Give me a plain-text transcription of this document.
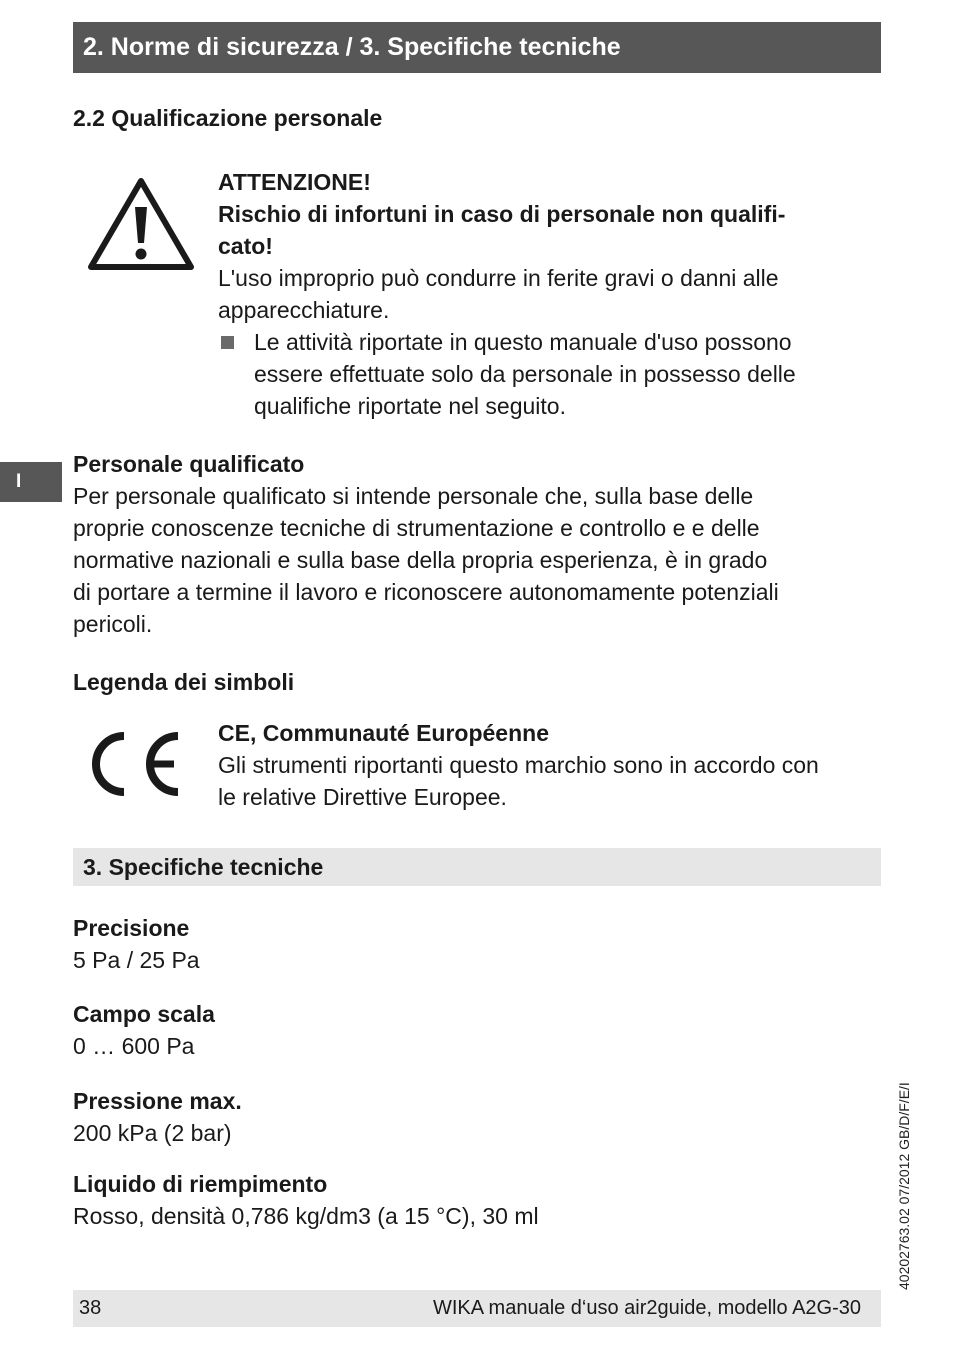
2. Norme di sicurezza / 3. Specifiche tecniche
2.2 Qualificazione personale
ATTENZIONE!
Rischio di infortuni in caso di personale non qualifi-
cato!
L'uso improprio può condurre in ferite gravi o danni alle
apparecchiature.
Le attività riportate in questo manuale d'uso possono
essere effettuate solo da personale in possesso delle
qualifiche riportate nel seguito.
I
Personale qualificato
Per personale qualificato si intende personale che, sulla base delle
proprie conoscenze tecniche di strumentazione e controllo e e delle
normative nazionali e sulla base della propria esperienza, è in grado
di portare a termine il lavoro e riconoscere autonomamente potenziali
pericoli.
Legenda dei simboli
CE, Communauté Européenne
Gli strumenti riportanti questo marchio sono in accordo con
le relative Direttive Europee.
3. Specifiche tecniche
Precisione
5 Pa / 25 Pa
Campo scala
0 … 600 Pa
Pressione max.
200 kPa (2 bar)
Liquido di riempimento
Rosso, densità 0,786 kg/dm3 (a 15 °C), 30 ml	40202763.02 07/2012 GB/D/F/E/I
38	WIKA manuale d‘uso air2guide, modello A2G-30
